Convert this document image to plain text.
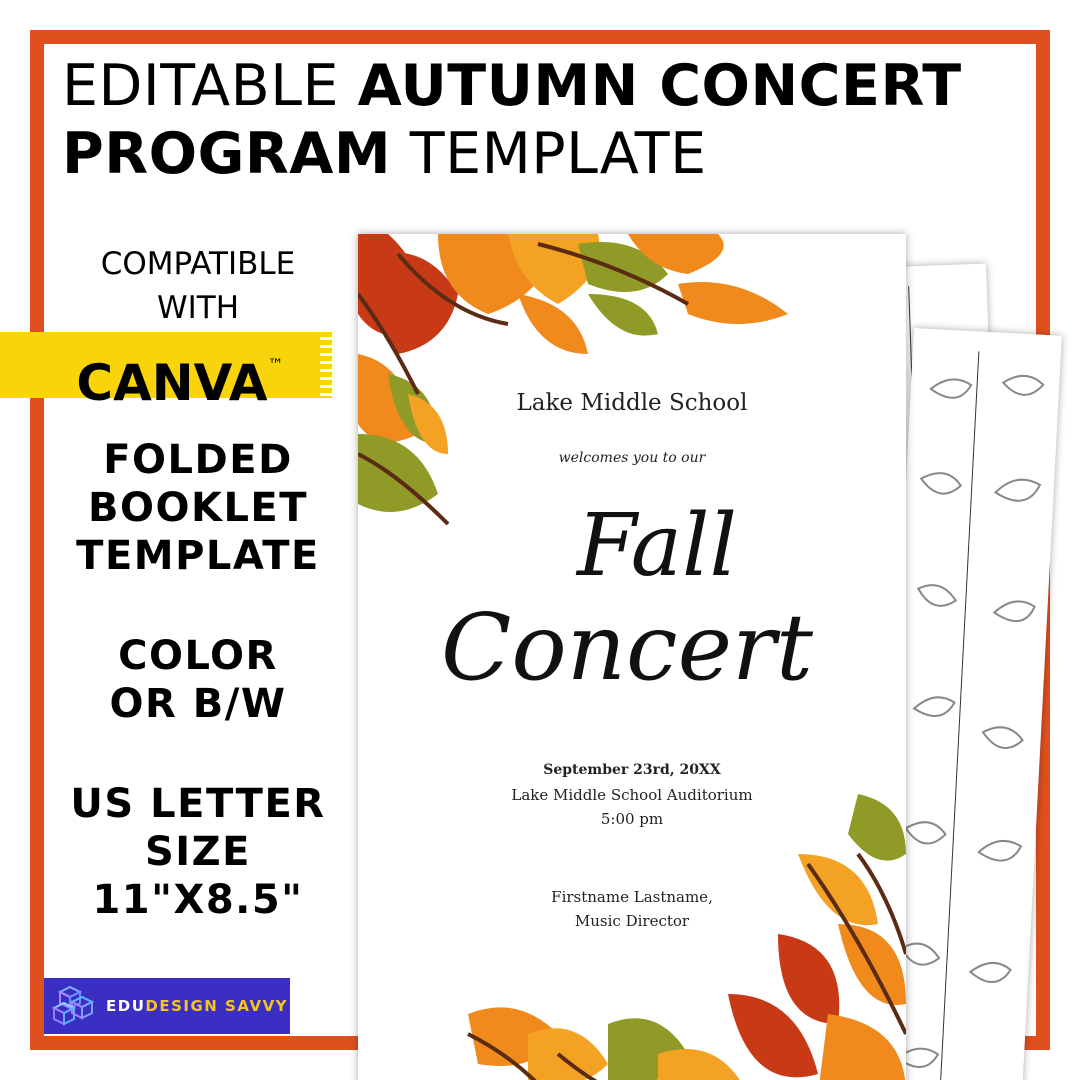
EDITABLE AUTUMN CONCERT
PROGRAM TEMPLATE
COMPATIBLE
WITH
CANVA™
FOLDED
BOOKLET
TEMPLATE
COLOR
OR B/W
US LETTER
SIZE
11"X8.5"
EDUDESIGN SAVVY
Lake Middle School
welcomes you to our
Fall
Concert
September 23rd, 20XX
Lake Middle School Auditorium
5:00 pm
Firstname Lastname,
Music Director
